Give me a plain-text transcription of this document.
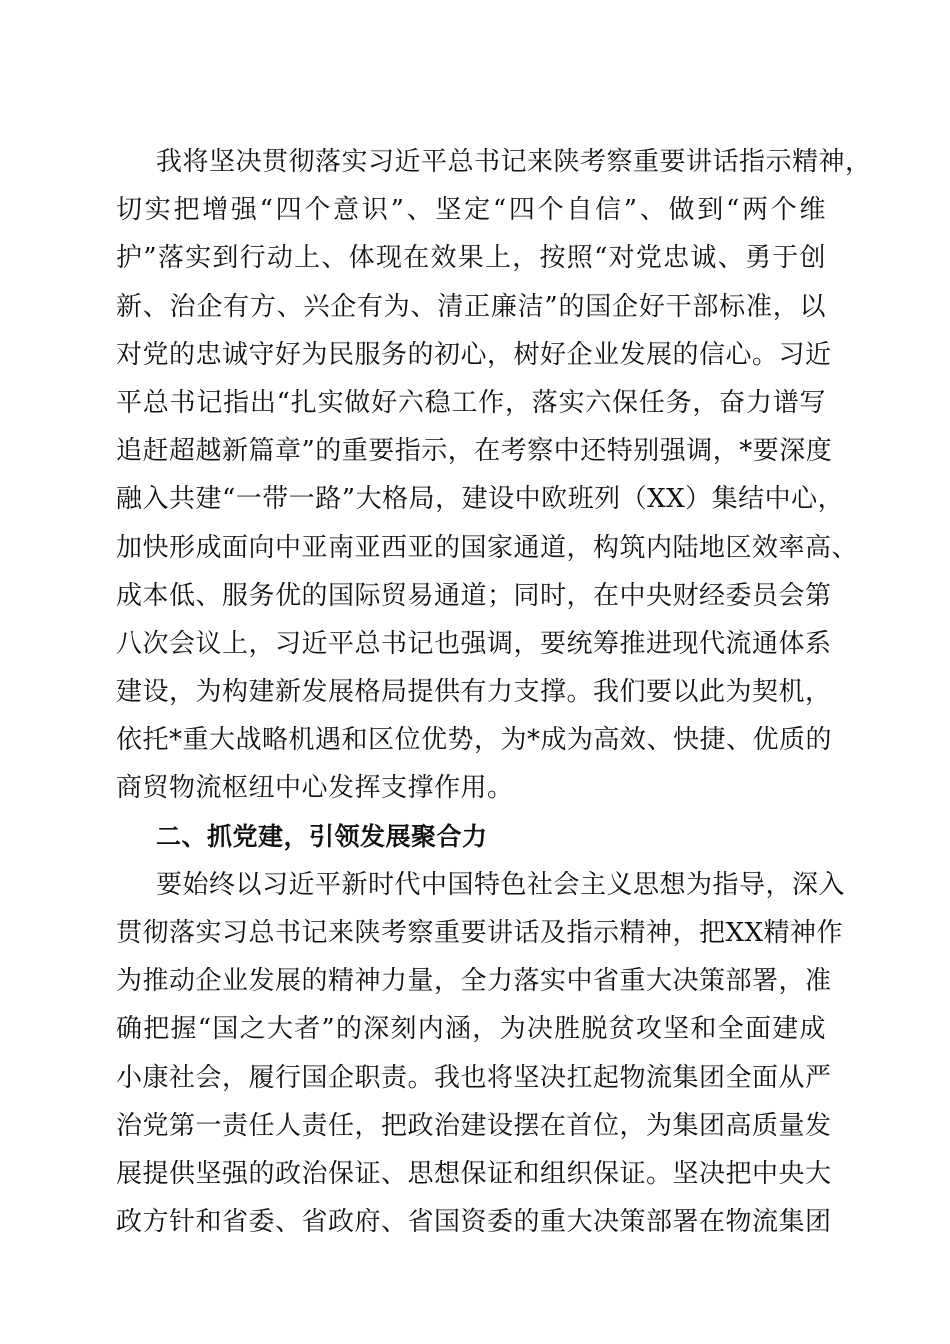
我将坚决贯彻落实习近平总书记来陕考察重要讲话指示精神，
切实把增强“四个意识”、坚定“四个自信”、做到“两个维
护”落实到行动上、体现在效果上，按照“对党忠诚、勇于创
新、治企有方、兴企有为、清正廉洁”的国企好干部标准，以
对党的忠诚守好为民服务的初心，树好企业发展的信心。习近
平总书记指出“扎实做好六稳工作，落实六保任务，奋力谱写
追赶超越新篇章”的重要指示，在考察中还特别强调，*要深度
融入共建“一带一路”大格局，建设中欧班列（XX）集结中心，
加快形成面向中亚南亚西亚的国家通道，构筑内陆地区效率高、
成本低、服务优的国际贸易通道；同时，在中央财经委员会第
八次会议上，习近平总书记也强调，要统筹推进现代流通体系
建设，为构建新发展格局提供有力支撑。我们要以此为契机，
依托*重大战略机遇和区位优势，为*成为高效、快捷、优质的
商贸物流枢纽中心发挥支撑作用。
二、抓党建，引领发展聚合力
要始终以习近平新时代中国特色社会主义思想为指导，深入
贯彻落实习总书记来陕考察重要讲话及指示精神，把XX精神作
为推动企业发展的精神力量，全力落实中省重大决策部署，准
确把握“国之大者”的深刻内涵，为决胜脱贫攻坚和全面建成
小康社会，履行国企职责。我也将坚决扛起物流集团全面从严
治党第一责任人责任，把政治建设摆在首位，为集团高质量发
展提供坚强的政治保证、思想保证和组织保证。坚决把中央大
政方针和省委、省政府、省国资委的重大决策部署在物流集团
